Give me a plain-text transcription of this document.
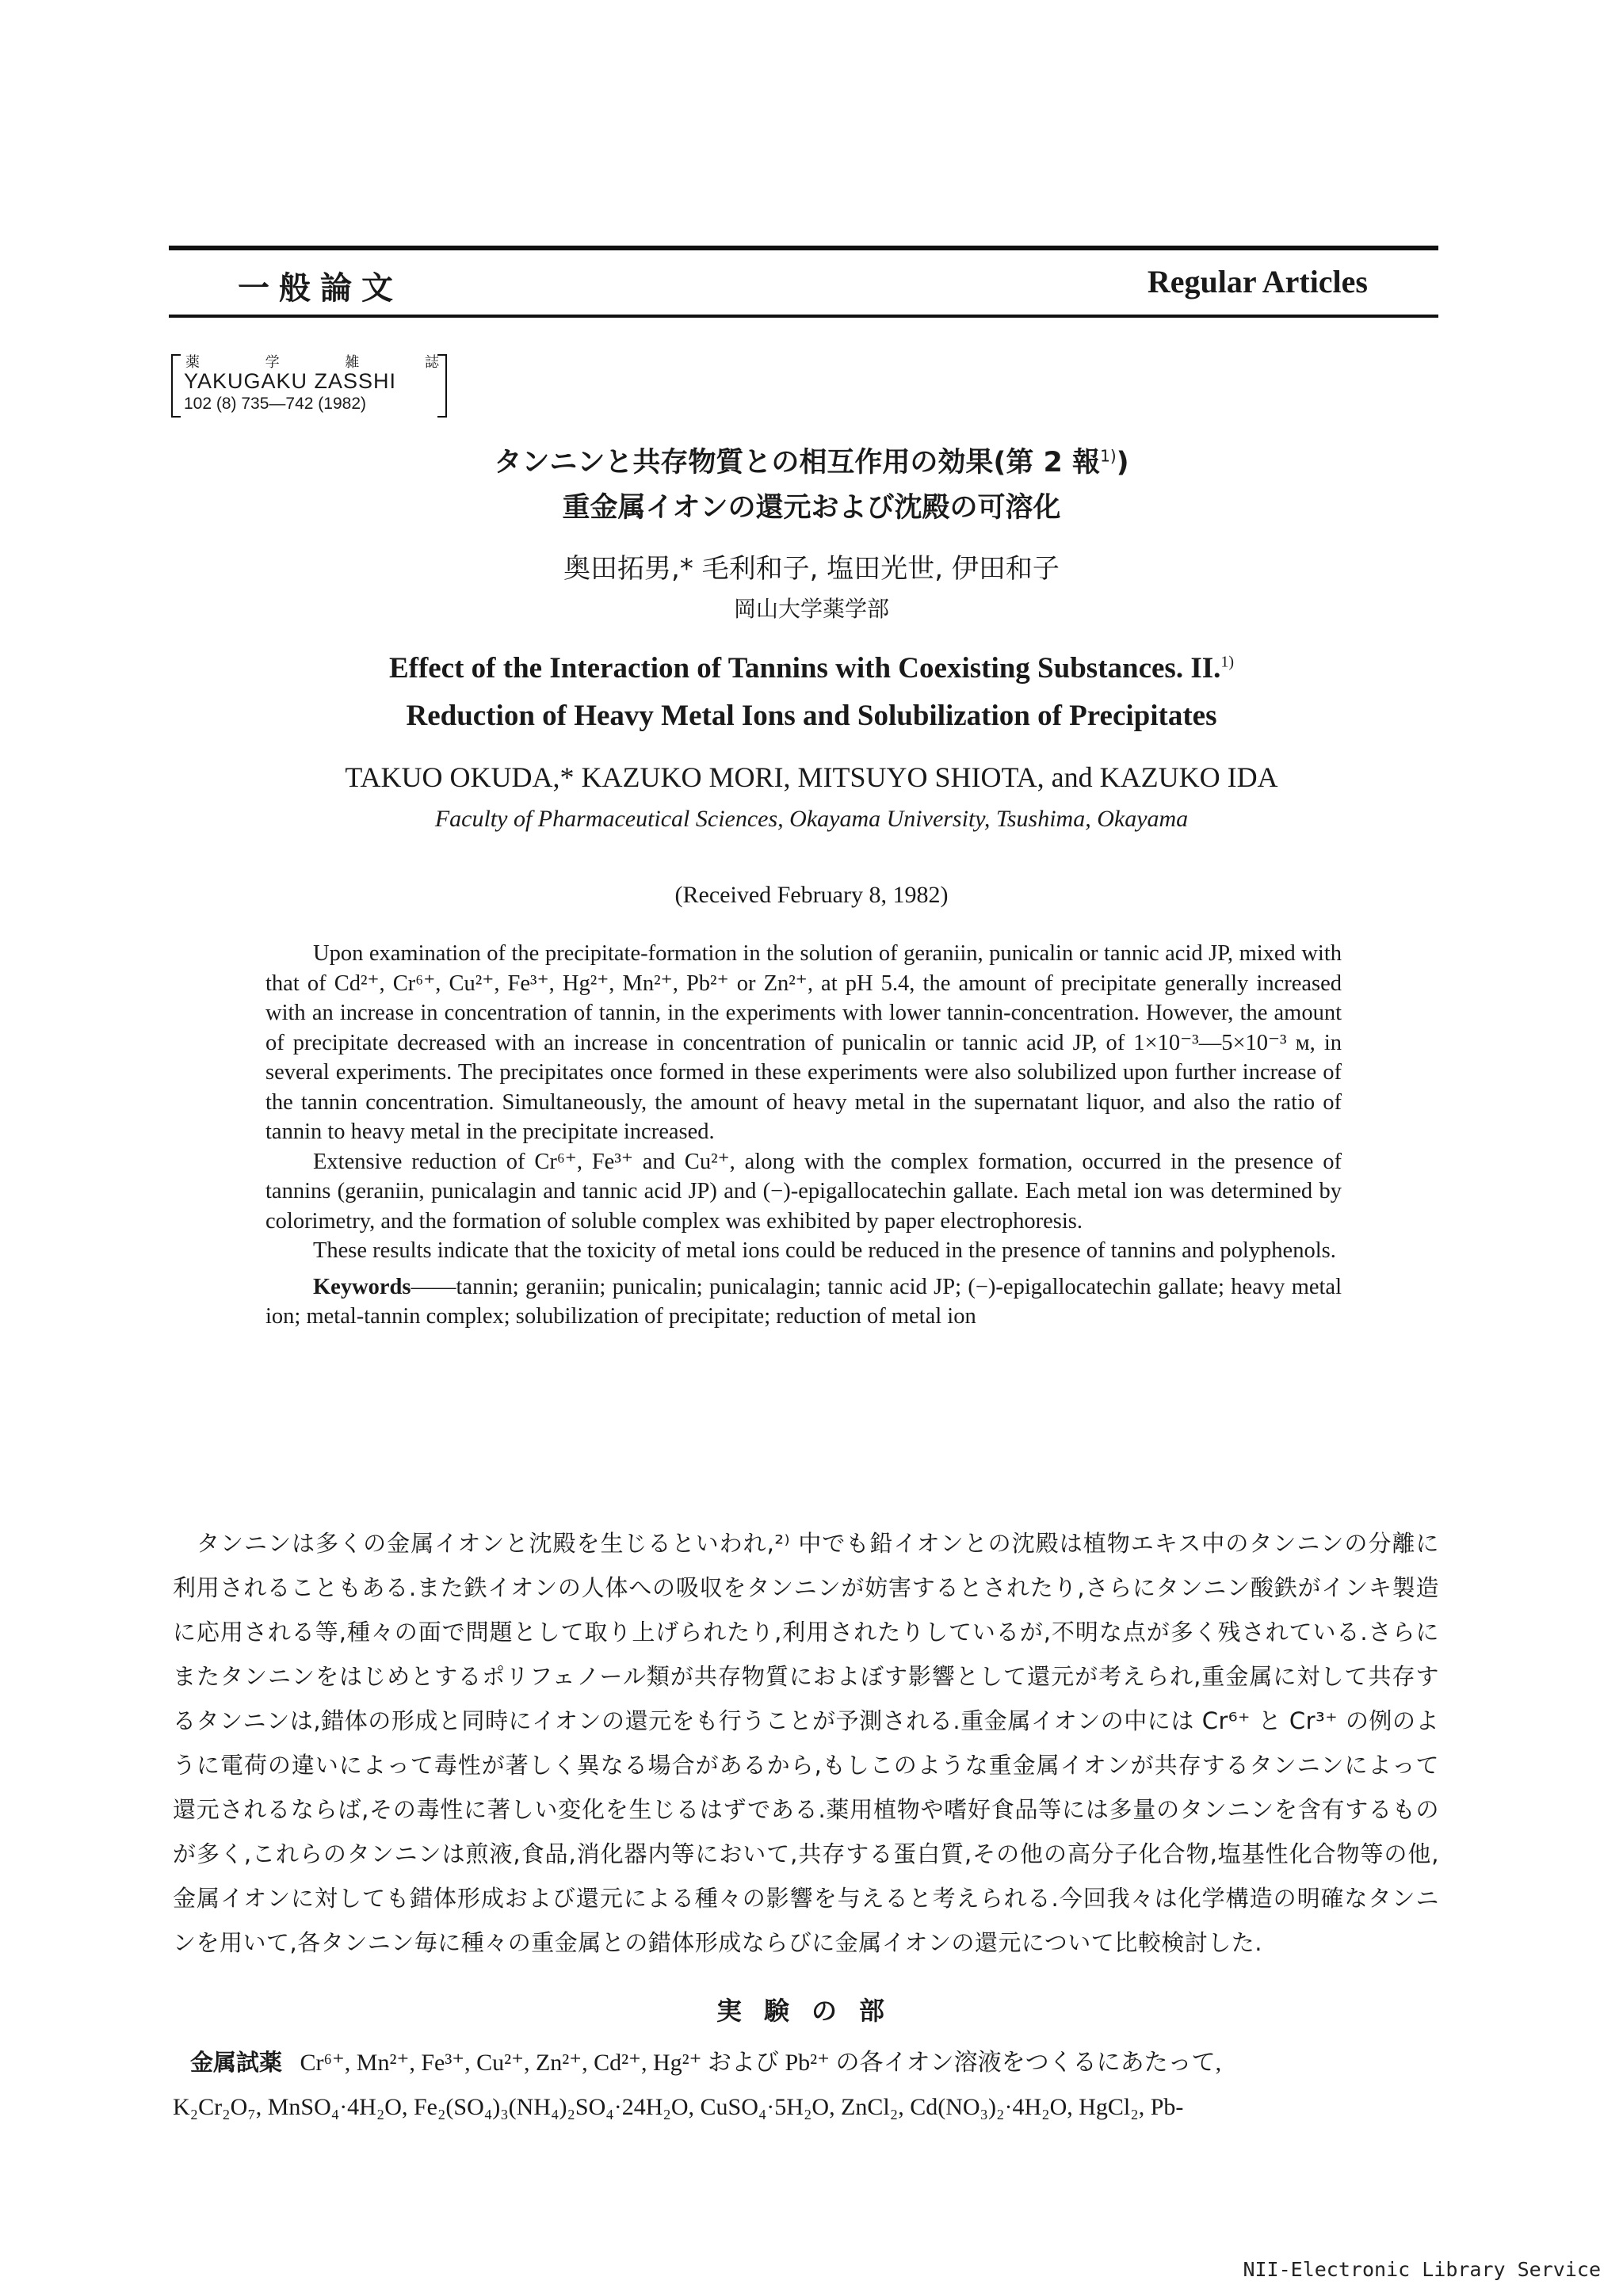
一般論文	Regular Articles
薬	学	雑	誌
YAKUGAKU ZASSHI
102 (8) 735—742 (1982)
タンニンと共存物質との相互作用の効果(第 2 報$^{1)}$)
重金属イオンの還元および沈殿の可溶化
奥田拓男,* 毛利和子, 塩田光世, 伊田和子
岡山大学薬学部
Effect of the Interaction of Tannins with Coexisting Substances. II.$^{1)}$
Reduction of Heavy Metal Ions and Solubilization of Precipitates
TAKUO OKUDA,* KAZUKO MORI, MITSUYO SHIOTA, and KAZUKO IDA
Faculty of Pharmaceutical Sciences, Okayama University, Tsushima, Okayama
(Received February 8, 1982)

Upon examination of the precipitate-formation in the solution of geraniin, punicalin or tannic acid JP, mixed with that of Cd²⁺, Cr⁶⁺, Cu²⁺, Fe³⁺, Hg²⁺, Mn²⁺, Pb²⁺ or Zn²⁺, at pH 5.4, the amount of precipitate generally increased with an increase in concentration of tannin, in the experiments with lower tannin-concentration. However, the amount of precipitate decreased with an increase in concentration of punicalin or tannic acid JP, of 1×10⁻³—5×10⁻³ ᴍ, in several experiments. The precipitates once formed in these experiments were also solubilized upon further increase of the tannin concentration. Simultaneously, the amount of heavy metal in the supernatant liquor, and also the ratio of tannin to heavy metal in the precipitate increased.

Extensive reduction of Cr⁶⁺, Fe³⁺ and Cu²⁺, along with the complex formation, occurred in the presence of tannins (geraniin, punicalagin and tannic acid JP) and (−)-epigallocatechin gallate. Each metal ion was determined by colorimetry, and the formation of soluble complex was exhibited by paper electrophoresis.

These results indicate that the toxicity of metal ions could be reduced in the presence of tannins and polyphenols.

Keywords——tannin; geraniin; punicalin; punicalagin; tannic acid JP; (−)-epigallocatechin gallate; heavy metal ion; metal-tannin complex; solubilization of precipitate; reduction of metal ion

タンニンは多くの金属イオンと沈殿を生じるといわれ,²⁾ 中でも鉛イオンとの沈殿は植物エキス中のタンニンの分離に利用されることもある.また鉄イオンの人体への吸収をタンニンが妨害するとされたり,さらにタンニン酸鉄がインキ製造に応用される等,種々の面で問題として取り上げられたり,利用されたりしているが,不明な点が多く残されている.さらにまたタンニンをはじめとするポリフェノール類が共存物質におよぼす影響として還元が考えられ,重金属に対して共存するタンニンは,錯体の形成と同時にイオンの還元をも行うことが予測される.重金属イオンの中には Cr⁶⁺ と Cr³⁺ の例のように電荷の違いによって毒性が著しく異なる場合があるから,もしこのような重金属イオンが共存するタンニンによって還元されるならば,その毒性に著しい変化を生じるはずである.薬用植物や嗜好食品等には多量のタンニンを含有するものが多く,これらのタンニンは煎液,食品,消化器内等において,共存する蛋白質,その他の高分子化合物,塩基性化合物等の他,金属イオンに対しても錯体形成および還元による種々の影響を与えると考えられる.今回我々は化学構造の明確なタンニンを用いて,各タンニン毎に種々の重金属との錯体形成ならびに金属イオンの還元について比較検討した.

実験の部
金属試薬 Cr⁶⁺, Mn²⁺, Fe³⁺, Cu²⁺, Zn²⁺, Cd²⁺, Hg²⁺ および Pb²⁺ の各イオン溶液をつくるにあたって,
K₂Cr₂O₇, MnSO₄·4H₂O, Fe₂(SO₄)₃(NH₄)₂SO₄·24H₂O, CuSO₄·5H₂O, ZnCl₂, Cd(NO₃)₂·4H₂O, HgCl₂, Pb-
NII-Electronic Library Service
